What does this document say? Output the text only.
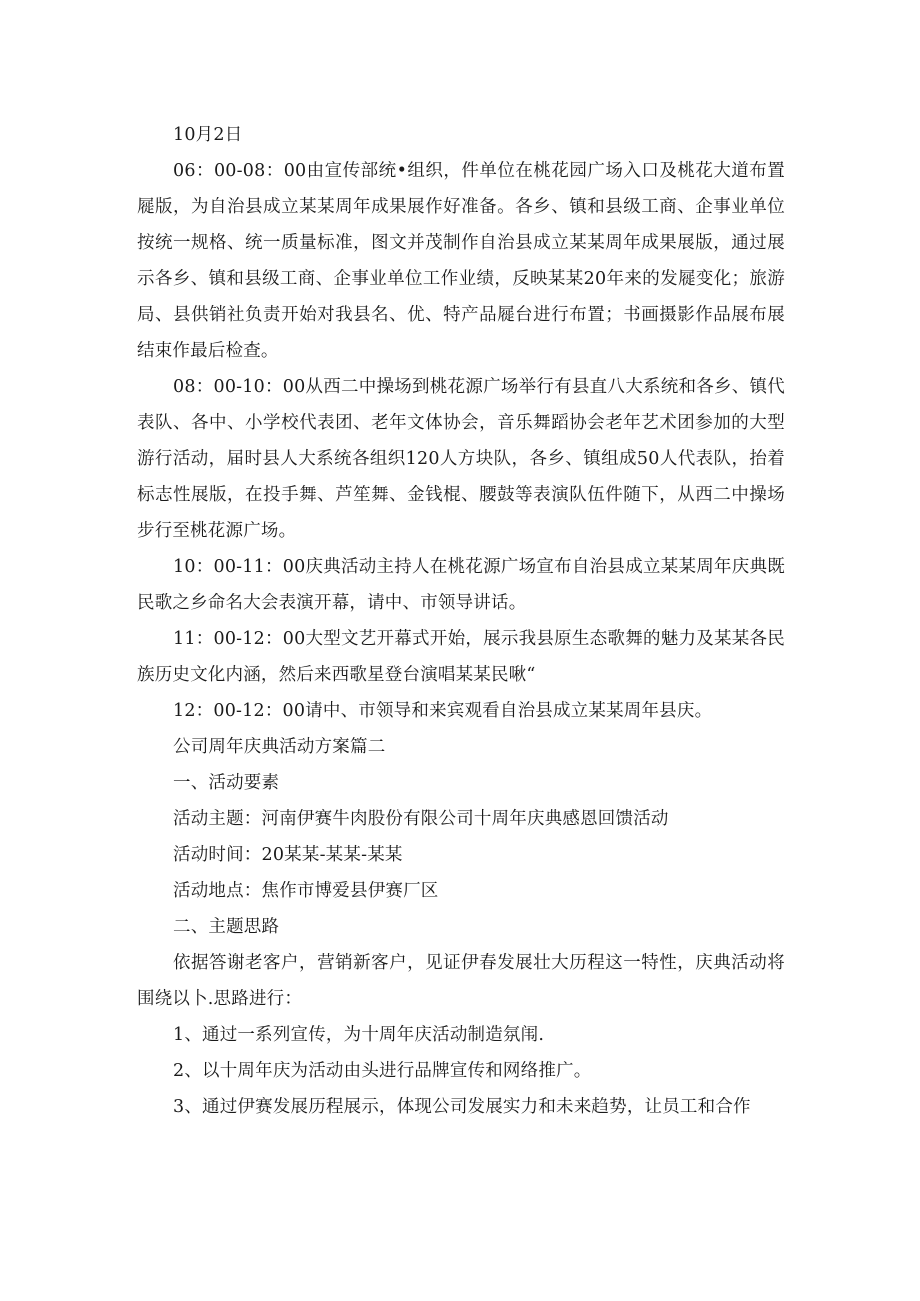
10月2日

06：00-08：00由宣传部统•组织，件单位在桃花园广场入口及桃花大道布置屣版，为自治县成立某某周年成果展作好准备。各乡、镇和县级工商、企事业单位按统一规格、统一质量标准，图文并茂制作自治县成立某某周年成果展版，通过展示各乡、镇和县级工商、企事业单位工作业绩，反映某某20年来的发屣变化；旅游局、县供销社负责开始对我县名、优、特产品屣台进行布置；书画摄影作品展布展结束作最后检查。

08：00-10：00从西二中操场到桃花源广场举行有县直八大系统和各乡、镇代表队、各中、小学校代表团、老年文体协会，音乐舞蹈协会老年艺术团参加的大型游行活动，届时县人大系统各组织120人方块队，各乡、镇组成50人代表队，抬着标志性展版，在投手舞、芦笙舞、金钱棍、腰鼓等表演队伍件随下，从西二中操场步行至桃花源广场。

10：00-11：00庆典活动主持人在桃花源广场宣布自治县成立某某周年庆典既民歌之乡命名大会表演开幕，请中、市领导讲话。

11：00-12：00大型文艺开幕式开始，展示我县原生态歌舞的魅力及某某各民族历史文化内涵，然后来西歌星登台演唱某某民啾“

12：00-12：00请中、市领导和来宾观看自治县成立某某周年县庆。

公司周年庆典活动方案篇二

一、活动要素

活动主题：河南伊赛牛肉股份有限公司十周年庆典感恩回馈活动

活动时间：20某某-某某-某某

活动地点：焦作市博爱县伊赛厂区

二、主题思路

依据答谢老客户，营销新客户，见证伊春发展壮大历程这一特性，庆典活动将围绕以卜.思路进行：

1、通过一系列宣传，为十周年庆活动制造氛闱.

2、以十周年庆为活动由头进行品牌宣传和网络推广。

3、通过伊赛发展历程展示，体现公司发展实力和未来趋势，让员工和合作
